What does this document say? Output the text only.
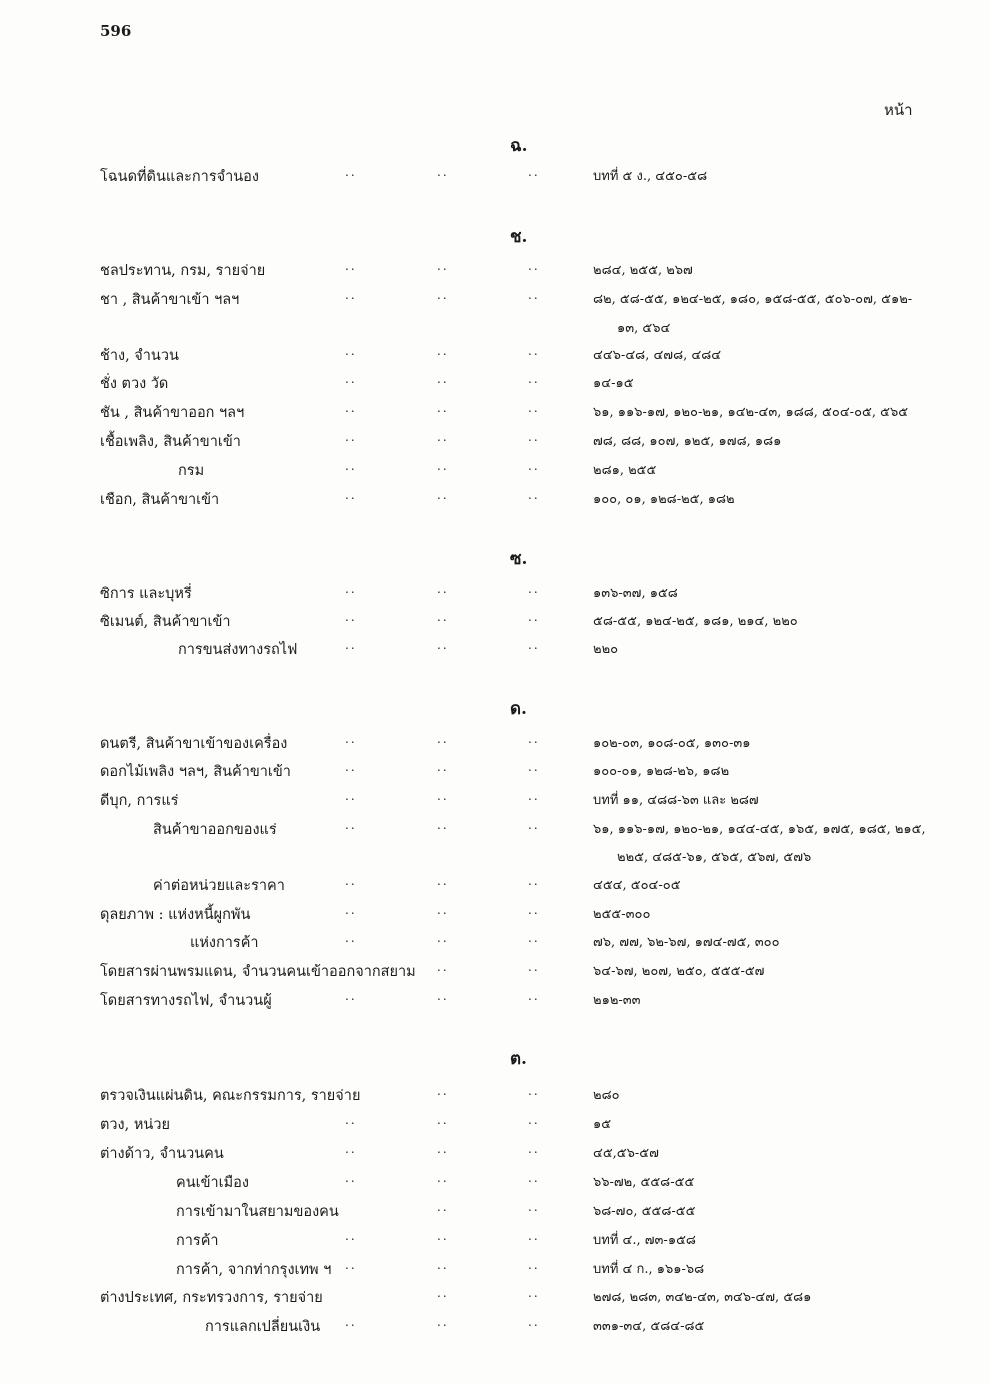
596
หน้า
ฉ.
โฉนดที่ดินและการจำนอง	..	..	..	บทที่ ๕ ง., ๔๕๐-๕๘
ช.
ชลประทาน, กรม, รายจ่าย	..	..	..	๒๘๔, ๒๕๕, ๒๖๗
ชา , สินค้าขาเข้า ฯลฯ	..	..	..	๘๒, ๕๘-๕๕, ๑๒๔-๒๕, ๑๘๐, ๑๕๘-๕๕, ๕๐๖-๐๗, ๕๑๒-
๑๓, ๕๖๔
ช้าง, จำนวน	..	..	..	๔๔๖-๔๘, ๔๗๘, ๔๘๔
ชั่ง ตวง วัด	..	..	..	๑๔-๑๕
ชัน , สินค้าขาออก ฯลฯ	..	..	..	๖๑, ๑๑๖-๑๗, ๑๒๐-๒๑, ๑๔๒-๔๓, ๑๘๘, ๕๐๔-๐๕, ๕๖๕
เชื้อเพลิง, สินค้าขาเข้า	..	..	..	๗๘, ๘๘, ๑๐๗, ๑๒๕, ๑๗๘, ๑๘๑
กรม	..	..	..	๒๘๑, ๒๕๕
เชือก, สินค้าขาเข้า	..	..	..	๑๐๐, ๐๑, ๑๒๘-๒๕, ๑๘๒
ซ.
ซิการ และบุหรี่	..	..	..	๑๓๖-๓๗, ๑๕๘
ซิเมนต์, สินค้าขาเข้า	..	..	..	๕๘-๕๕, ๑๒๔-๒๕, ๑๘๑, ๒๑๔, ๒๒๐
การขนส่งทางรถไฟ	..	..	..	๒๒๐
ด.
ดนตรี, สินค้าขาเข้าของเครื่อง	..	..	..	๑๐๒-๐๓, ๑๐๘-๐๕, ๑๓๐-๓๑
ดอกไม้เพลิง ฯลฯ, สินค้าขาเข้า	..	..	..	๑๐๐-๐๑, ๑๒๘-๒๖, ๑๘๒
ดีบุก, การแร่	..	..	..	บทที่ ๑๑, ๔๘๘-๖๓ และ ๒๘๗
สินค้าขาออกของแร่	..	..	..	๖๑, ๑๑๖-๑๗, ๑๒๐-๒๑, ๑๔๔-๔๕, ๑๖๕, ๑๗๕, ๑๘๕, ๒๑๕,
๒๒๕, ๔๘๕-๖๑, ๕๖๕, ๕๖๗, ๕๗๖
ค่าต่อหน่วยและราคา	..	..	..	๔๕๔, ๕๐๔-๐๕
ดุลยภาพ : แห่งหนี้ผูกพัน	..	..	..	๒๕๕-๓๐๐
แห่งการค้า	..	..	..	๗๖, ๗๗, ๖๒-๖๗, ๑๗๔-๗๕, ๓๐๐
โดยสารผ่านพรมแดน, จำนวนคนเข้าออกจากสยาม ..	..	๖๔-๖๗, ๒๐๗, ๒๕๐, ๕๕๕-๕๗
โดยสารทางรถไฟ, จำนวนผู้	..	..	..	๒๑๒-๓๓
ต.
ตรวจเงินแผ่นดิน, คณะกรรมการ, รายจ่าย	..	..	๒๘๐
ตวง, หน่วย	..	..	..	๑๕
ต่างด้าว, จำนวนคน	..	..	..	๔๕,๕๖-๕๗
คนเข้าเมือง	..	..	..	๖๖-๗๒, ๕๕๘-๕๕
การเข้ามาในสยามของคน	..	..	๖๘-๗๐, ๕๕๘-๕๕
การค้า	..	..	..	บทที่ ๔., ๗๓-๑๕๘
การค้า, จากท่ากรุงเทพ ฯ ..	..	..	บทที่ ๔ ก., ๑๖๑-๖๘
ต่างประเทศ, กระทรวงการ, รายจ่าย	..	..	๒๗๘, ๒๘๓, ๓๔๒-๔๓, ๓๔๖-๔๗, ๕๘๑
การแลกเปลี่ยนเงิน ..	..	..	๓๓๑-๓๔, ๕๘๔-๘๕
